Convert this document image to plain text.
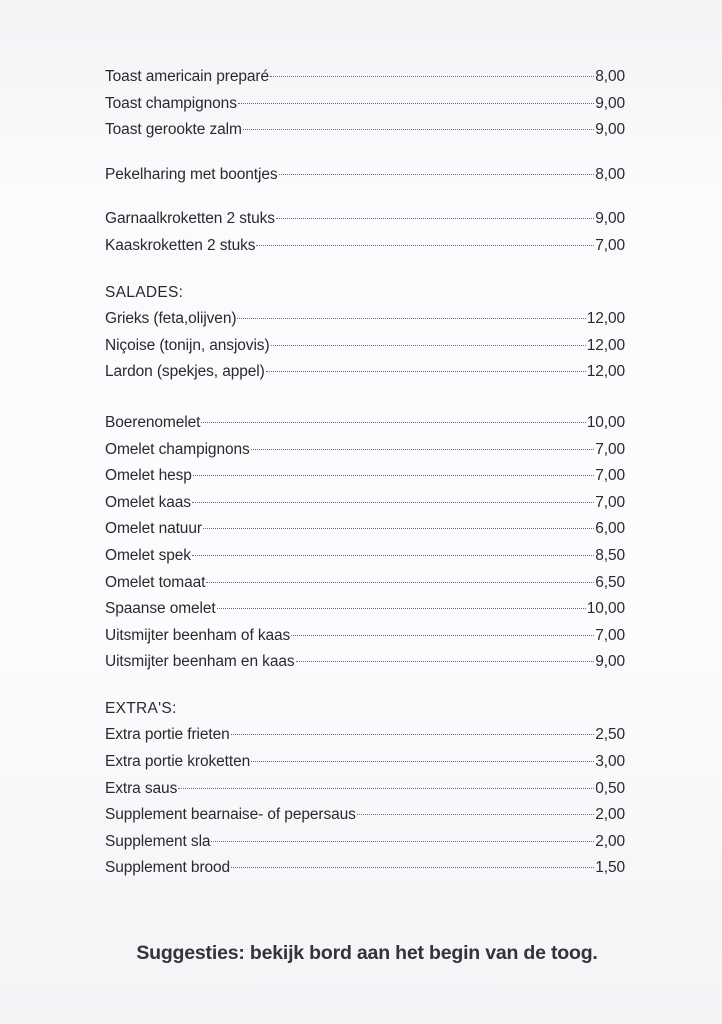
Toast americain preparé	8,00
Toast champignons	9,00
Toast gerookte zalm	9,00
Pekelharing met boontjes	8,00
Garnaalkroketten 2 stuks	9,00
Kaaskroketten 2 stuks	7,00
SALADES:
Grieks (feta,olijven)	12,00
Niçoise (tonijn, ansjovis)	12,00
Lardon (spekjes, appel)	12,00
Boerenomelet	10,00
Omelet champignons	7,00
Omelet hesp	7,00
Omelet kaas	7,00
Omelet natuur	6,00
Omelet spek	8,50
Omelet tomaat	6,50
Spaanse omelet	10,00
Uitsmijter beenham of kaas	7,00
Uitsmijter beenham en kaas	9,00
EXTRA'S:
Extra portie frieten	2,50
Extra portie kroketten	3,00
Extra saus	0,50
Supplement bearnaise- of pepersaus	2,00
Supplement sla	2,00
Supplement brood	1,50
Suggesties: bekijk bord aan het begin van de toog.
